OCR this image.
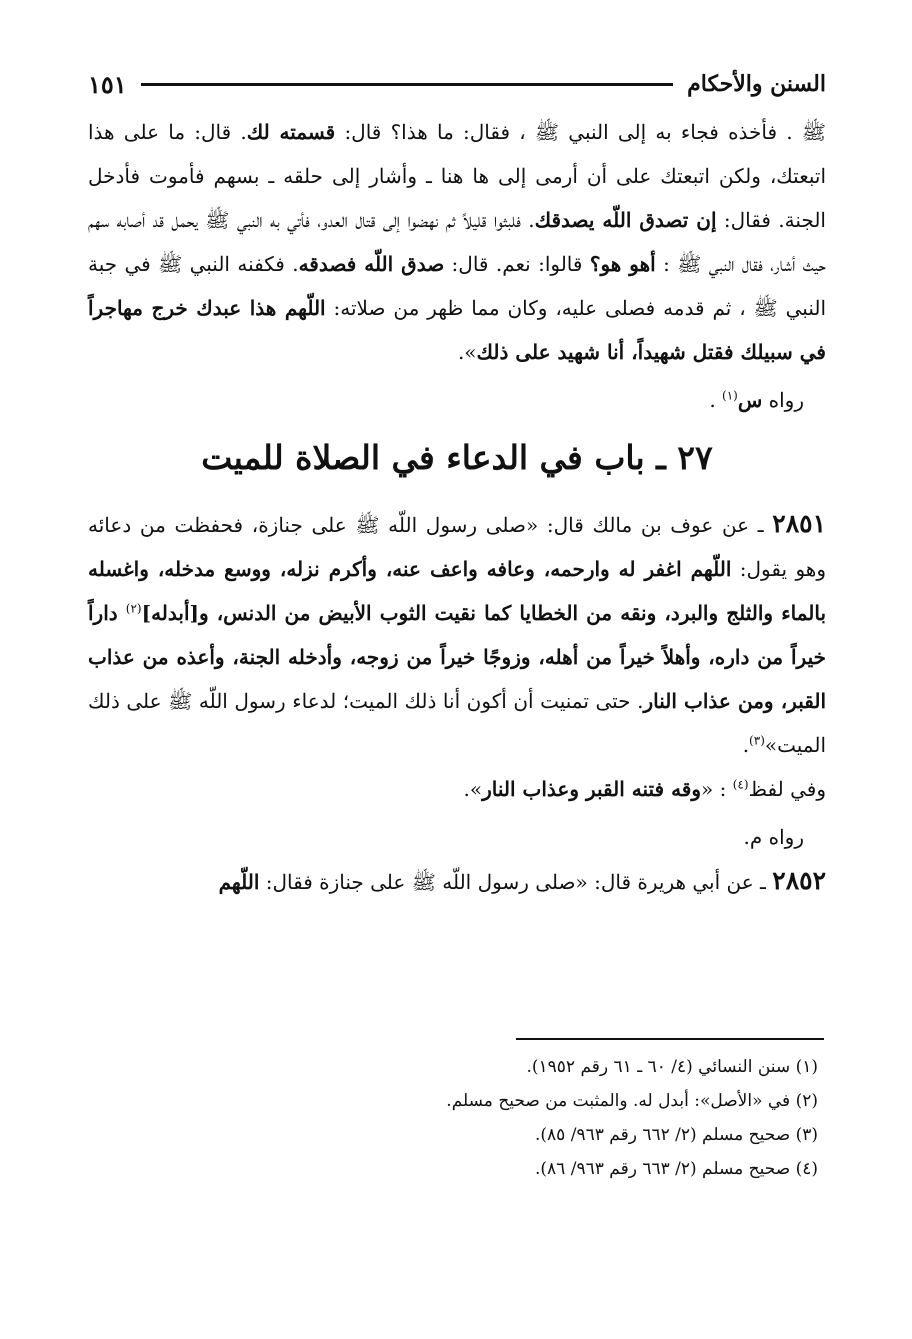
السنن والأحكام
١٥١

ﷺ . فأخذه فجاء به إلى النبي ﷺ ، فقال: ما هذا؟ قال: قسمته لك. قال: ما على هذا اتبعتك، ولكن اتبعتك على أن أرمى إلى ها هنا ـ وأشار إلى حلقه ـ بسهم فأموت فأدخل الجنة. فقال: إن تصدق اللّه يصدقك. فلبثوا قليلاً ثم نهضوا إلى قتال العدو، فأتي به النبي ﷺ يحمل قد أصابه سهم حيث أشار، فقال النبي ﷺ : أهو هو؟ قالوا: نعم. قال: صدق اللّه فصدقه. فكفنه النبي ﷺ في جبة النبي ﷺ ، ثم قدمه فصلى عليه، وكان مما ظهر من صلاته: اللّهم هذا عبدك خرج مهاجراً في سبيلك فقتل شهيداً، أنا شهيد على ذلك».

رواه س$^{(١)}$ .

٢٧ ـ باب في الدعاء في الصلاة للميت

٢٨٥١ ـ عن عوف بن مالك قال: «صلى رسول اللّه ﷺ على جنازة، فحفظت من دعائه وهو يقول: اللّهم اغفر له وارحمه، وعافه واعف عنه، وأكرم نزله، ووسع مدخله، واغسله بالماء والثلج والبرد، ونقه من الخطايا كما نقيت الثوب الأبيض من الدنس، و[أبدله]$^{(٢)}$ داراً خيراً من داره، وأهلاً خيراً من أهله، وزوجًا خيراً من زوجه، وأدخله الجنة، وأعذه من عذاب القبر، ومن عذاب النار. حتى تمنيت أن أكون أنا ذلك الميت؛ لدعاء رسول اللّه ﷺ على ذلك الميت»$^{(٣)}$.

وفي لفظ$^{(٤)}$ : «وقه فتنه القبر وعذاب النار».

رواه م.

٢٨٥٢ ـ عن أبي هريرة قال: «صلى رسول اللّه ﷺ على جنازة فقال: اللّهم

(١) سنن النسائي (٤/ ٦٠ ـ ٦١ رقم ١٩٥٢).

(٢) في «الأصل»: أبدل له. والمثبت من صحيح مسلم.

(٣) صحيح مسلم (٢/ ٦٦٢ رقم ٩٦٣/ ٨٥).

(٤) صحيح مسلم (٢/ ٦٦٣ رقم ٩٦٣/ ٨٦).
